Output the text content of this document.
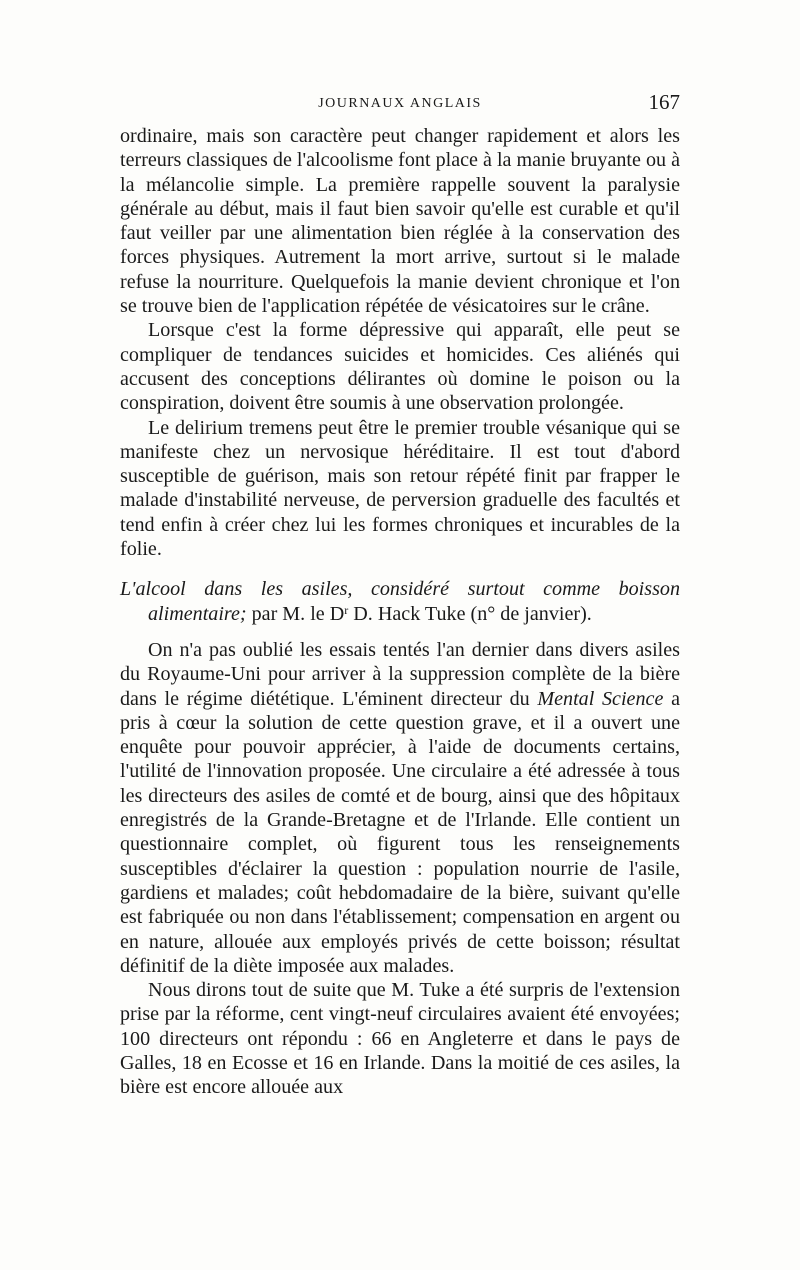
JOURNAUX ANGLAIS	167

ordinaire, mais son caractère peut changer rapidement et alors les terreurs classiques de l'alcoolisme font place à la manie bruyante ou à la mélancolie simple. La première rappelle souvent la paralysie générale au début, mais il faut bien savoir qu'elle est curable et qu'il faut veiller par une alimentation bien réglée à la conservation des forces physiques. Autrement la mort arrive, surtout si le malade refuse la nourriture. Quelquefois la manie devient chronique et l'on se trouve bien de l'application répétée de vésicatoires sur le crâne.

Lorsque c'est la forme dépressive qui apparaît, elle peut se compliquer de tendances suicides et homicides. Ces aliénés qui accusent des conceptions délirantes où domine le poison ou la conspiration, doivent être soumis à une observation prolongée.

Le delirium tremens peut être le premier trouble vésanique qui se manifeste chez un nervosique héréditaire. Il est tout d'abord susceptible de guérison, mais son retour répété finit par frapper le malade d'instabilité nerveuse, de perversion graduelle des facultés et tend enfin à créer chez lui les formes chroniques et incurables de la folie.

L'alcool dans les asiles, considéré surtout comme boisson alimentaire; par M. le $D^r$ D. Hack Tuke (n° de janvier).

On n'a pas oublié les essais tentés l'an dernier dans divers asiles du Royaume-Uni pour arriver à la suppression complète de la bière dans le régime diététique. L'éminent directeur du Mental Science a pris à cœur la solution de cette question grave, et il a ouvert une enquête pour pouvoir apprécier, à l'aide de documents certains, l'utilité de l'innovation proposée. Une circulaire a été adressée à tous les directeurs des asiles de comté et de bourg, ainsi que des hôpitaux enregistrés de la Grande-Bretagne et de l'Irlande. Elle contient un questionnaire complet, où figurent tous les renseignements susceptibles d'éclairer la question : population nourrie de l'asile, gardiens et malades; coût hebdomadaire de la bière, suivant qu'elle est fabriquée ou non dans l'établissement; compensation en argent ou en nature, allouée aux employés privés de cette boisson; résultat définitif de la diète imposée aux malades.

Nous dirons tout de suite que M. Tuke a été surpris de l'extension prise par la réforme, cent vingt-neuf circulaires avaient été envoyées; 100 directeurs ont répondu : 66 en Angleterre et dans le pays de Galles, 18 en Ecosse et 16 en Irlande. Dans la moitié de ces asiles, la bière est encore allouée aux
